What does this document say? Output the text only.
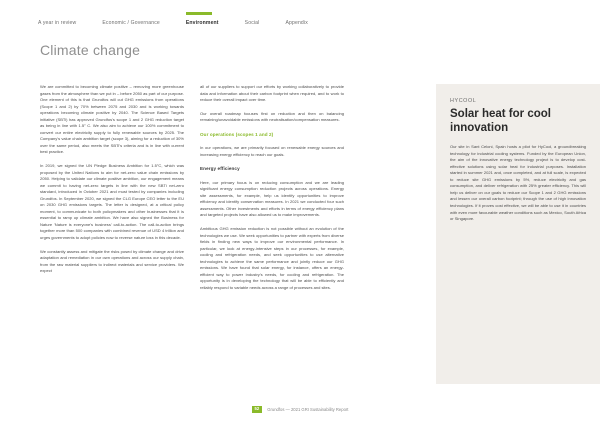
A year in review	Economic / Governance	Environment	Social	Appendix
Climate change

We are committed to becoming climate positive – removing more greenhouse gases from the atmosphere than we put in – before 2050 as part of our purpose. One element of this is that Grundfos will cut GHG emissions from operations (Scope 1 and 2) by 70% between 2075 and 2030 and is working towards operations becoming climate positive by 2040. The Science Based Targets initiative (SBTi) has approved Grundfos's scope 1 and 2 GHG reduction target as being in line with 1.5° C. We also aim to achieve our 100% commitment to convert our entire electricity supply to fully renewable sources by 2025. The Company's value chain ambition target (scope 3), aiming for a reduction of 30% over the same period, also meets the SBTi's criteria and is in line with current best practice.

In 2019, we signed the UN Pledge Business Ambition for 1.5°C, which was proposed by the United Nations to aim for net-zero value chain emissions by 2050. Helping to validate our climate positive ambition, our engagement means we commit to having net-zero targets in line with the new SBTi net-zero standard, introduced in October 2021 and must tested by companies including Grundfos. In September 2020, we signed the CLG Europe CEO letter to the EU on 2030 GHG emissions targets. The letter is designed, at a critical policy moment, to communicate to both policymakers and other businesses that it is essential to ramp up climate ambition. We have also signed the Business for Nature 'Nature is everyone's business' call-to-action. The call-to-action brings together more than 500 companies with combined revenue of USD 4 trillion and urges governments to adopt policies now to reverse nature loss in this decade.

We constantly assess and mitigate the risks posed by climate change and drive adaptation and remediation in our own operations and across our supply chain, from the raw material suppliers to indirect materials and service providers. We expect

all of our suppliers to support our efforts by working collaboratively to provide data and information about their carbon footprint when required, and to work to reduce their overall impact over time.

Our overall roadmap focuses first on reduction and then on balancing remaining/unavoidable emissions with neutralisation/compensation measures.

Our operations (scopes 1 and 2)

In our operations, we are primarily focused on renewable energy sources and increasing energy efficiency to reach our goals.

Energy efficiency

Here, our primary focus is on reducing consumption and we are leading significant energy consumption reduction projects across operations. Energy site assessments, for example, help us identify opportunities to improve efficiency and identify conservation measures. In 2021 we conducted four such assessments. Other investments and efforts in terms of energy efficiency plans and targeted projects have also allowed us to make improvements.

Ambitious GHG emission reduction is not possible without an evolution of the technologies we use. We seek opportunities to partner with experts from diverse fields in finding new ways to improve our environmental performance. In particular, we look at energy-intensive steps in our processes, for example, cooling and refrigeration needs, and seek opportunities to use alternative technologies to achieve the same performance and jointly reduce our GHG emissions. We have found that solar energy, for instance, offers an energy-efficient way to power industry's needs, for cooling and refrigeration. The opportunity is in developing the technology that will be able to efficiently and reliably respond to variable needs across a range of processes and sites.

HYCOOL
Solar heat for cool innovation

Our site in Sant Celoni, Spain hosts a pilot for HyCool, a groundbreaking technology for industrial cooling systems. Funded by the European Union, the aim of the innovative energy technology project is to develop cost-effective solutions using solar heat for industrial purposes. Installation started in summer 2021 and, once completed, and at full scale, is expected to reduce site GHG emissions by 5%, reduce electricity and gas consumption, and deliver refrigeration with 25% greater efficiency. This will help us deliver on our goals to reduce our Scope 1 and 2 GHG emissions and lessen our overall carbon footprint; through the use of high innovation technologies. If it proves cost effective, we will be able to use it in countries with even more favourable weather conditions such as Mexico, South Africa or Singapore.

52	Grundfos — 2021 GRI Sustainability Report
